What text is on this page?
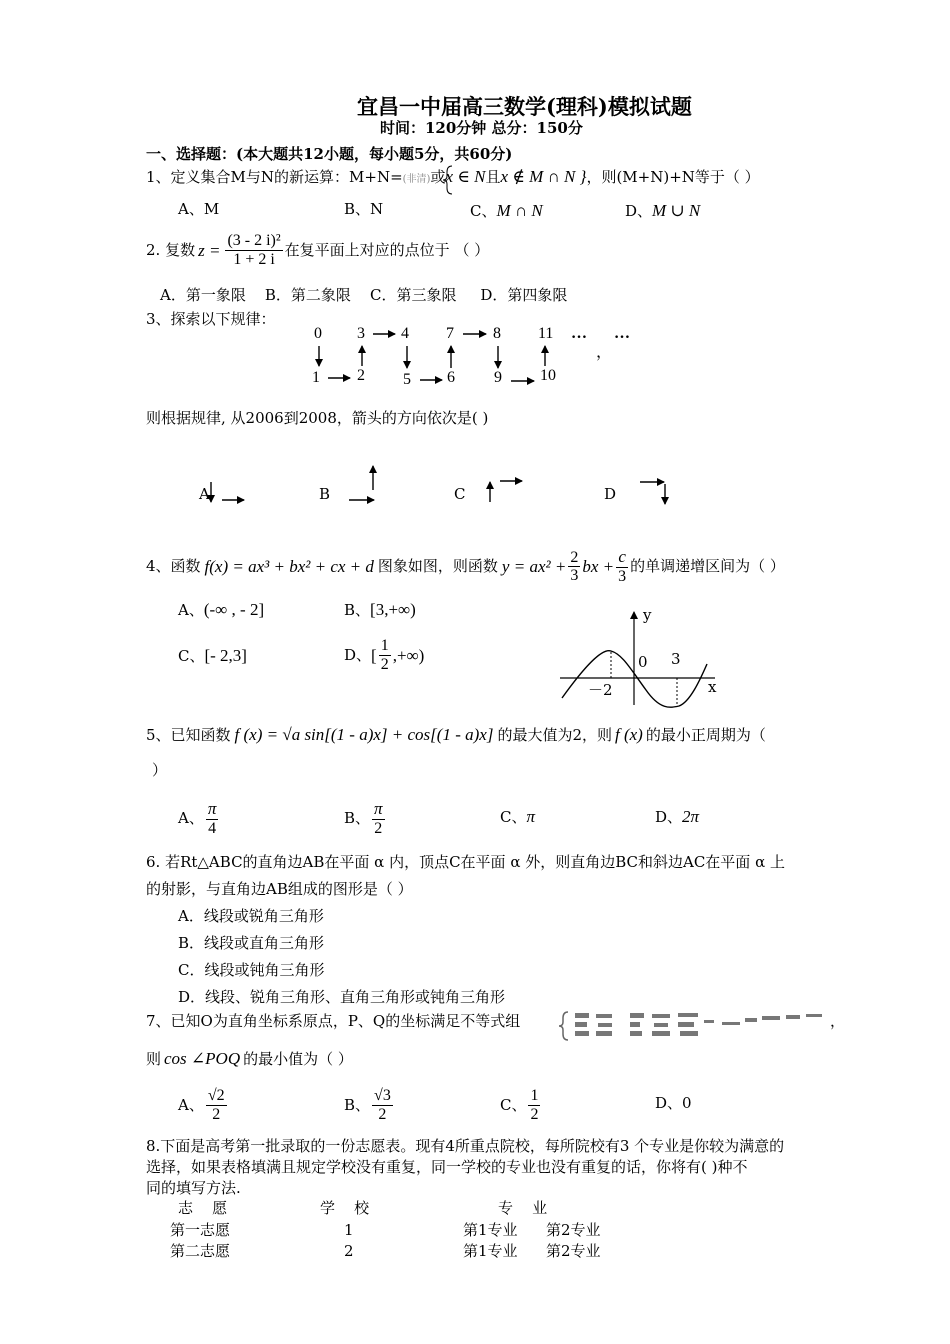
宜昌一中届高三数学(理科)模拟试题
时间：120分钟 总分：150分
一、选择题：(本大题共12小题，每小题5分，共60分)
1、定义集合M与N的新运算：M+N=(非清)或x ∈ N且x ∉ M ∩ N }，则(M+N)+N等于（ ）
A、M	B、N	C、M ∩ N	D、M ∪ N
2. 复数 $z = \frac{\text{(3 - 2 i)²}}{1 + 2 i}$ 在复平面上对应的点位于 （ ）
A．第一象限    B．第二象限    C．第三象限     D．第四象限
3、探索以下规律：
0 3 4 7 8 11 … …
，
1 2 5 6 9 10
则根据规律, 从2006到2008，箭头的方向依次是( )
A	B	C	D
4、函数 f(x) = ax³ + bx² + cx + d 图象如图，则函数 $y = ax^2 + \frac{2}{3}$ bx + $\frac{c}{3}$ 的单调递增区间为（ ）
A、(-∞ , - 2]	B、[3,+∞)
C、[- 2,3]	D、 [ $\frac{1}{2}$ ,+∞)
y
x
0 3
－2
5、已知函数 f (x) = √a sin[(1 - a)x] + cos[(1 - a)x] 的最大值为2，则 f (x) 的最小正周期为（
）
A、 $\frac{\pi}{4}$	B、 $\frac{\pi}{2}$	C、π	D、2π
6. 若Rt△ABC的直角边AB在平面 α 内，顶点C在平面 α 外，则直角边BC和斜边AC在平面 α 上
的射影，与直角边AB组成的图形是（ ）
A．线段或锐角三角形
B．线段或直角三角形
C．线段或钝角三角形
D．线段、锐角三角形、直角三角形或钝角三角形
7、已知O为直角坐标系原点，P、Q的坐标满足不等式组	，
则 cos ∠POQ 的最小值为（ ）
A、 $\frac{√2}{2}$	B、 $\frac{√3}{2}$	C、 $\frac{1}{2}$	D、0
8.下面是高考第一批录取的一份志愿表。现有4所重点院校，每所院校有3 个专业是你较为满意的
选择，如果表格填满且规定学校没有重复，同一学校的专业也没有重复的话，你将有( )种不
同的填写方法.
志    愿	学    校	专    业
第一志愿	1	第1专业 第2专业
第二志愿	2	第1专业 第2专业
